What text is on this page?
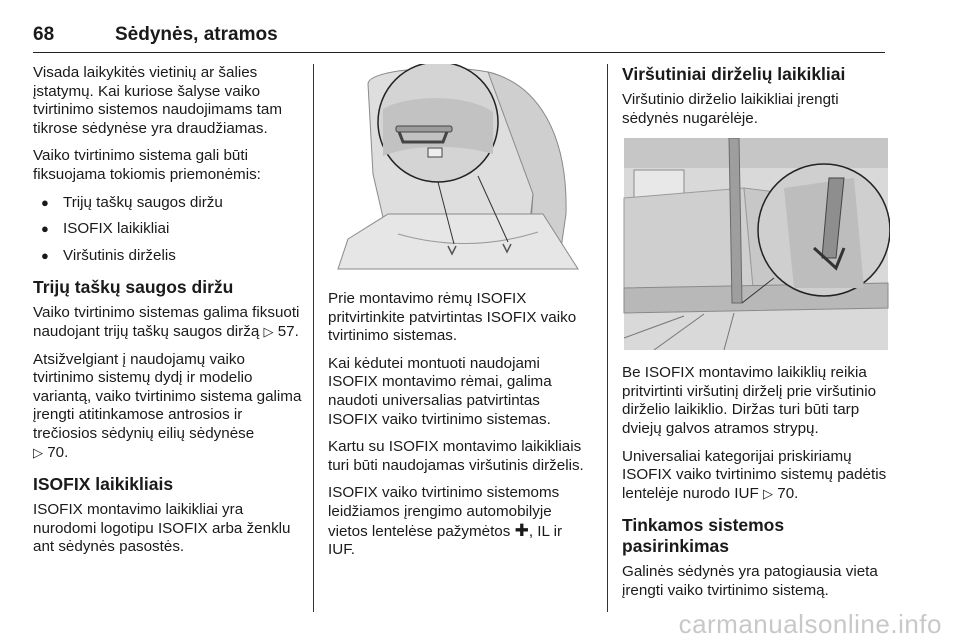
68	Sėdynės, atramos

Visada laikykitės vietinių ar šalies įstatymų. Kai kuriose šalyse vaiko tvirtinimo sistemos naudojimams tam tikrose sėdynėse yra draudžiamas.

Vaiko tvirtinimo sistema gali būti fiksuojama tokiomis priemonėmis:

● Trijų taškų saugos diržu
● ISOFIX laikikliai
● Viršutinis dirželis
Trijų taškų saugos diržu

Vaiko tvirtinimo sistemas galima fiksuoti naudojant trijų taškų saugos diržą ▷ 57.

Atsižvelgiant į naudojamų vaiko tvirtinimo sistemų dydį ir modelio variantą, vaiko tvirtinimo sistema galima įrengti atitinkamose antrosios ir trečiosios sėdynių eilių sėdynėse
▷ 70.

ISOFIX laikikliais

ISOFIX montavimo laikikliai yra nurodomi logotipu ISOFIX arba ženklu ant sėdynės pasostės.

Prie montavimo rėmų ISOFIX pritvirtinkite patvirtintas ISOFIX vaiko tvirtinimo sistemas.

Kai kėdutei montuoti naudojami ISOFIX montavimo rėmai, galima naudoti universalias patvirtintas ISOFIX vaiko tvirtinimo sistemas.

Kartu su ISOFIX montavimo laikikliais turi būti naudojamas viršutinis dirželis.

ISOFIX vaiko tvirtinimo sistemoms leidžiamos įrengimo automobilyje vietos lentelėse pažymėtos ✚, IL ir IUF.

Viršutiniai dirželių laikikliai

Viršutinio dirželio laikikliai įrengti sėdynės nugarėlėje.

Be ISOFIX montavimo laikiklių reikia pritvirtinti viršutinį dirželį prie viršutinio dirželio laikiklio. Diržas turi būti tarp dviejų galvos atramos strypų.

Universaliai kategorijai priskiriamų ISOFIX vaiko tvirtinimo sistemų padėtis lentelėje nurodo IUF ▷ 70.

Tinkamos sistemos pasirinkimas

Galinės sėdynės yra patogiausia vieta įrengti vaiko tvirtinimo sistemą.

carmanualsonline.info
